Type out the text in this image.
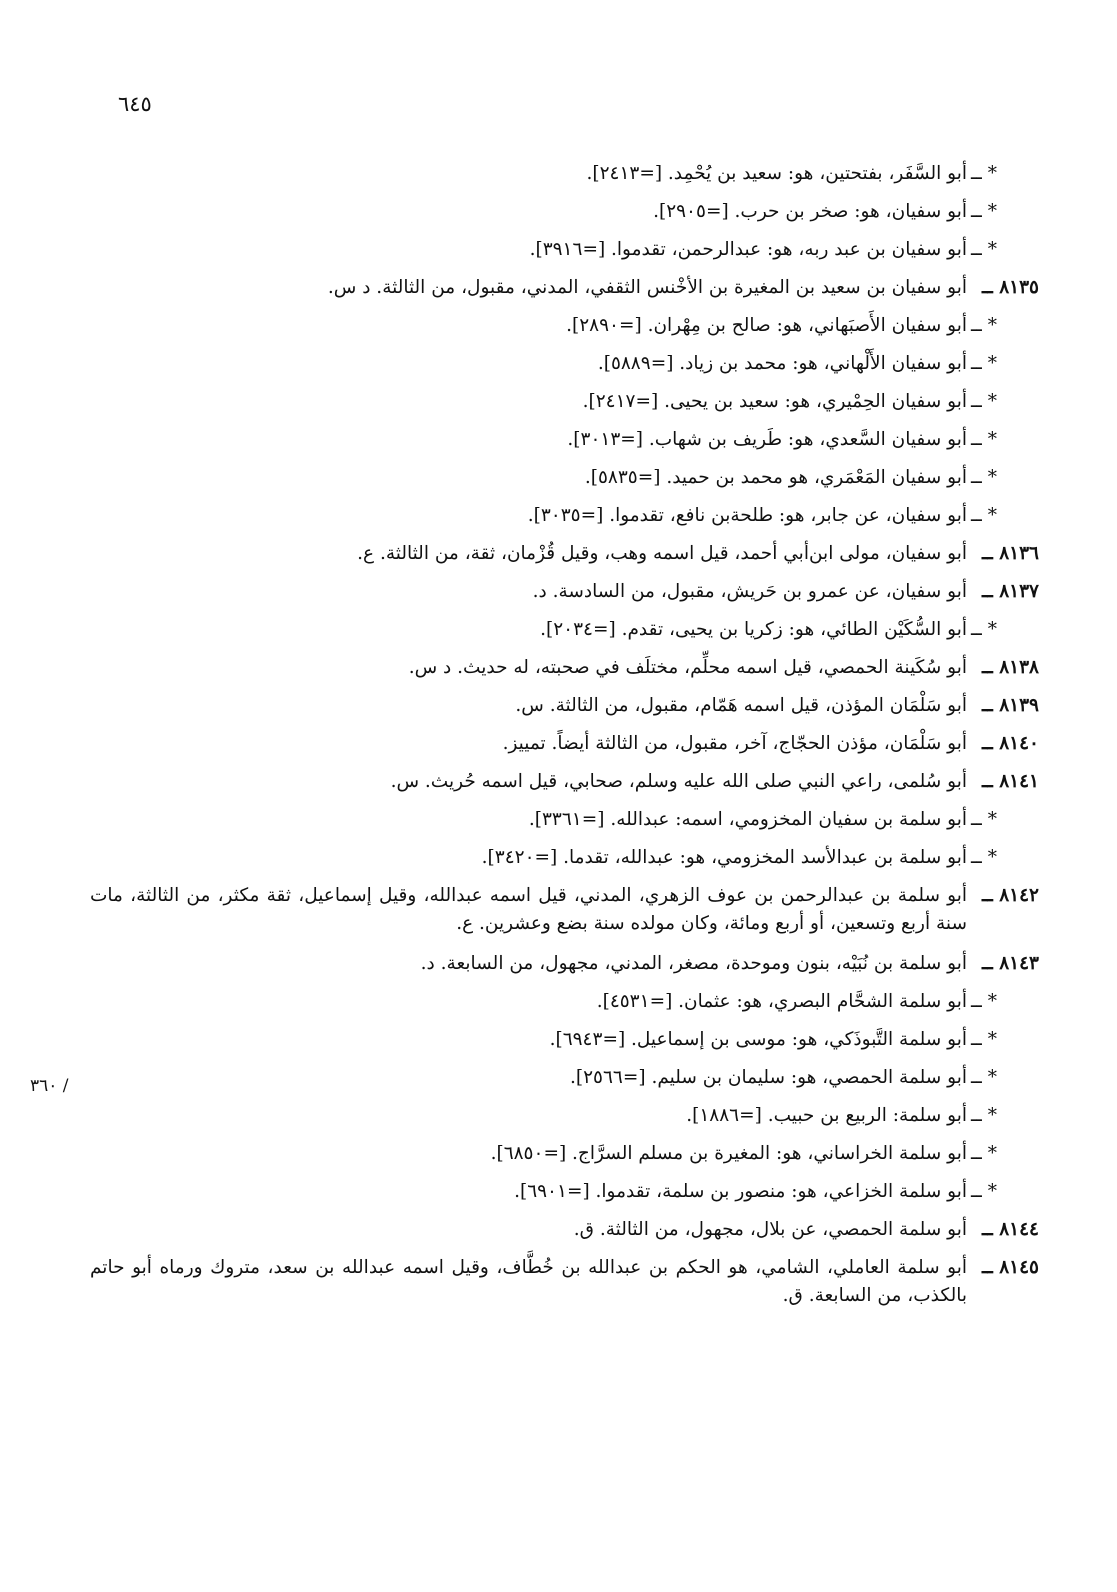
٦٤٥
/ ٣٦٠
* ــ
أبو السَّفَر، بفتحتين، هو: سعيد بن يُحْمِد. [=٢٤١٣].
* ــ
أبو سفيان، هو: صخر بن حرب. [=٢٩٠٥].
* ــ
أبو سفيان بن عبد ربه، هو: عبدالرحمن، تقدموا. [=٣٩١٦].
٨١٣٥ ــ
أبو سفيان بن سعيد بن المغيرة بن الأخْنس الثقفي، المدني، مقبول، من الثالثة. د س.
* ــ
أبو سفيان الأَصبَهاني، هو: صالح بن مِهْران. [=٢٨٩٠].
* ــ
أبو سفيان الأَلْهاني، هو: محمد بن زياد. [=٥٨٨٩].
* ــ
أبو سفيان الحِمْيري، هو: سعيد بن يحيى. [=٢٤١٧].
* ــ
أبو سفيان السَّعدي، هو: طَريف بن شهاب. [=٣٠١٣].
* ــ
أبو سفيان المَعْمَري، هو محمد بن حميد. [=٥٨٣٥].
* ــ
أبو سفيان، عن جابر، هو: طلحةبن نافع، تقدموا. [=٣٠٣٥].
٨١٣٦ ــ
أبو سفيان، مولى ابن‌أبي أحمد، قيل اسمه وهب، وقيل قُزْمان، ثقة، من الثالثة. ع.
٨١٣٧ ــ
أبو سفيان، عن عمرو بن حَريش، مقبول، من السادسة. د.
* ــ
أبو السُّكَيْن الطائي، هو: زكريا بن يحيى، تقدم. [=٢٠٣٤].
٨١٣٨ ــ
أبو سُكَينة الحمصي، قيل اسمه محلِّم، مختلَف في صحبته، له حديث. د س.
٨١٣٩ ــ
أبو سَلْمَان المؤذن، قيل اسمه هَمّام، مقبول، من الثالثة. س.
٨١٤٠ ــ
أبو سَلْمَان، مؤذن الحجّاج، آخر، مقبول، من الثالثة أيضاً. تمييز.
٨١٤١ ــ
أبو سُلمى، راعي النبي صلى الله عليه وسلم، صحابي، قيل اسمه حُريث. س.
* ــ
أبو سلمة بن سفيان المخزومي، اسمه: عبدالله. [=٣٣٦١].
* ــ
أبو سلمة بن عبدالأسد المخزومي، هو: عبدالله، تقدما. [=٣٤٢٠].
٨١٤٢ ــ
أبو سلمة بن عبدالرحمن بن عوف الزهري، المدني، قيل اسمه عبدالله، وقيل إسماعيل، ثقة مكثر، من الثالثة، مات سنة أربع وتسعين، أو أربع ومائة، وكان مولده سنة بضع وعشرين. ع.
٨١٤٣ ــ
أبو سلمة بن نُبَيْه، بنون وموحدة، مصغر، المدني، مجهول، من السابعة. د.
* ــ
أبو سلمة الشحَّام البصري، هو: عثمان. [=٤٥٣١].
* ــ
أبو سلمة التَّبوذَكي، هو: موسى بن إسماعيل. [=٦٩٤٣].
* ــ
أبو سلمة الحمصي، هو: سليمان بن سليم. [=٢٥٦٦].
* ــ
أبو سلمة: الربيع بن حبيب. [=١٨٨٦].
* ــ
أبو سلمة الخراساني، هو: المغيرة بن مسلم السرَّاج. [=٦٨٥٠].
* ــ
أبو سلمة الخزاعي، هو: منصور بن سلمة، تقدموا. [=٦٩٠١].
٨١٤٤ ــ
أبو سلمة الحمصي، عن بلال، مجهول، من الثالثة. ق.
٨١٤٥ ــ
أبو سلمة العاملي، الشامي، هو الحكم بن عبدالله بن خُطَّاف، وقيل اسمه عبدالله بن سعد، متروك ورماه أبو حاتم بالكذب، من السابعة. ق.
